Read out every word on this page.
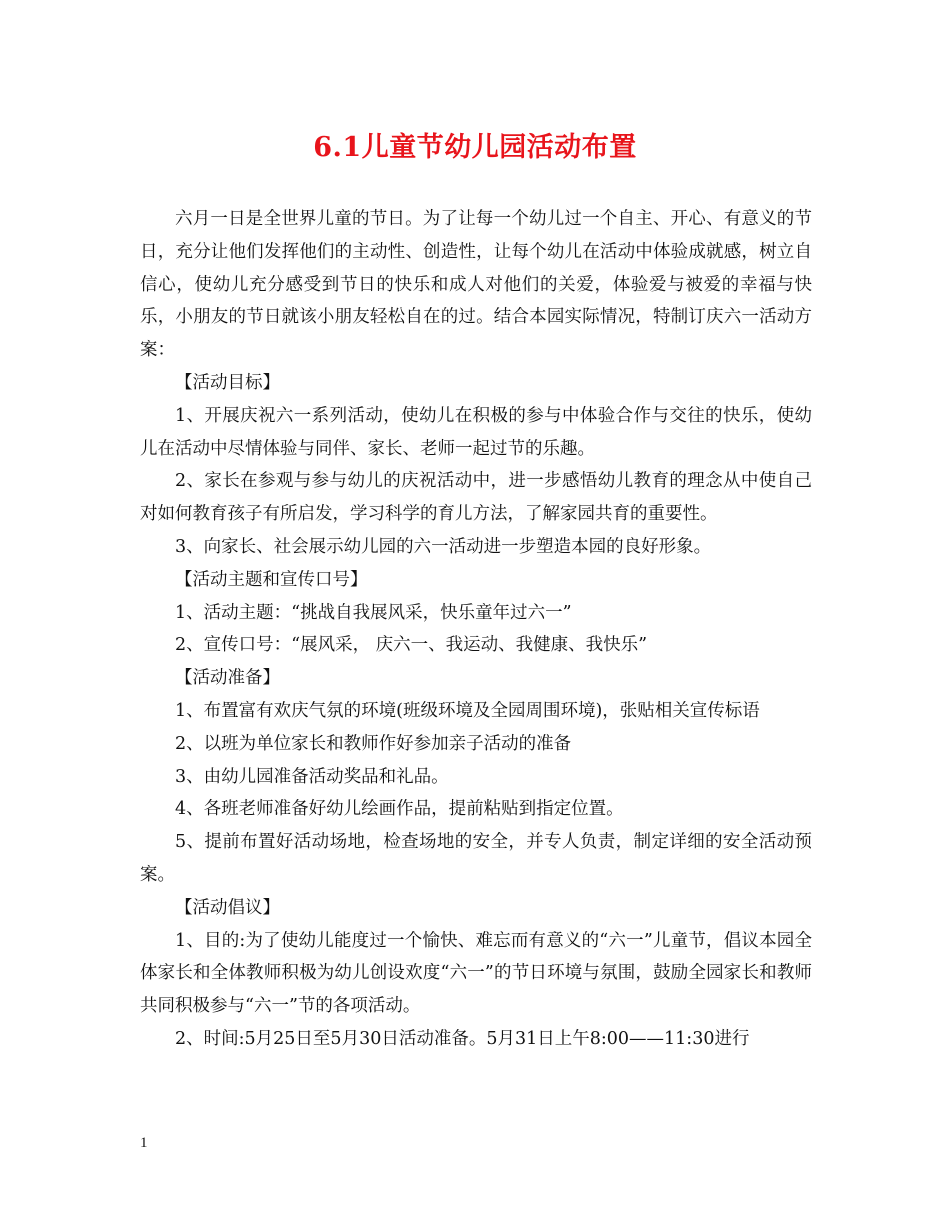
6.1儿童节幼儿园活动布置

六月一日是全世界儿童的节日。为了让每一个幼儿过一个自主、开心、有意义的节日，充分让他们发挥他们的主动性、创造性，让每个幼儿在活动中体验成就感，树立自信心，使幼儿充分感受到节日的快乐和成人对他们的关爱，体验爱与被爱的幸福与快乐，小朋友的节日就该小朋友轻松自在的过。结合本园实际情况，特制订庆六一活动方案：

【活动目标】

1、开展庆祝六一系列活动，使幼儿在积极的参与中体验合作与交往的快乐，使幼儿在活动中尽情体验与同伴、家长、老师一起过节的乐趣。

2、家长在参观与参与幼儿的庆祝活动中，进一步感悟幼儿教育的理念从中使自己对如何教育孩子有所启发，学习科学的育儿方法，了解家园共育的重要性。

3、向家长、社会展示幼儿园的六一活动进一步塑造本园的良好形象。

【活动主题和宣传口号】

1、活动主题：“挑战自我展风采，快乐童年过六一”

2、宣传口号：“展风采， 庆六一、我运动、我健康、我快乐”

【活动准备】

1、布置富有欢庆气氛的环境(班级环境及全园周围环境)，张贴相关宣传标语

2、以班为单位家长和教师作好参加亲子活动的准备

3、由幼儿园准备活动奖品和礼品。

4、各班老师准备好幼儿绘画作品，提前粘贴到指定位置。

5、提前布置好活动场地，检查场地的安全，并专人负责，制定详细的安全活动预案。

【活动倡议】

1、目的:为了使幼儿能度过一个愉快、难忘而有意义的“六一”儿童节，倡议本园全体家长和全体教师积极为幼儿创设欢度“六一”的节日环境与氛围，鼓励全园家长和教师共同积极参与“六一”节的各项活动。

2、时间:5月25日至5月30日活动准备。5月31日上午8:00——11:30进行

1
